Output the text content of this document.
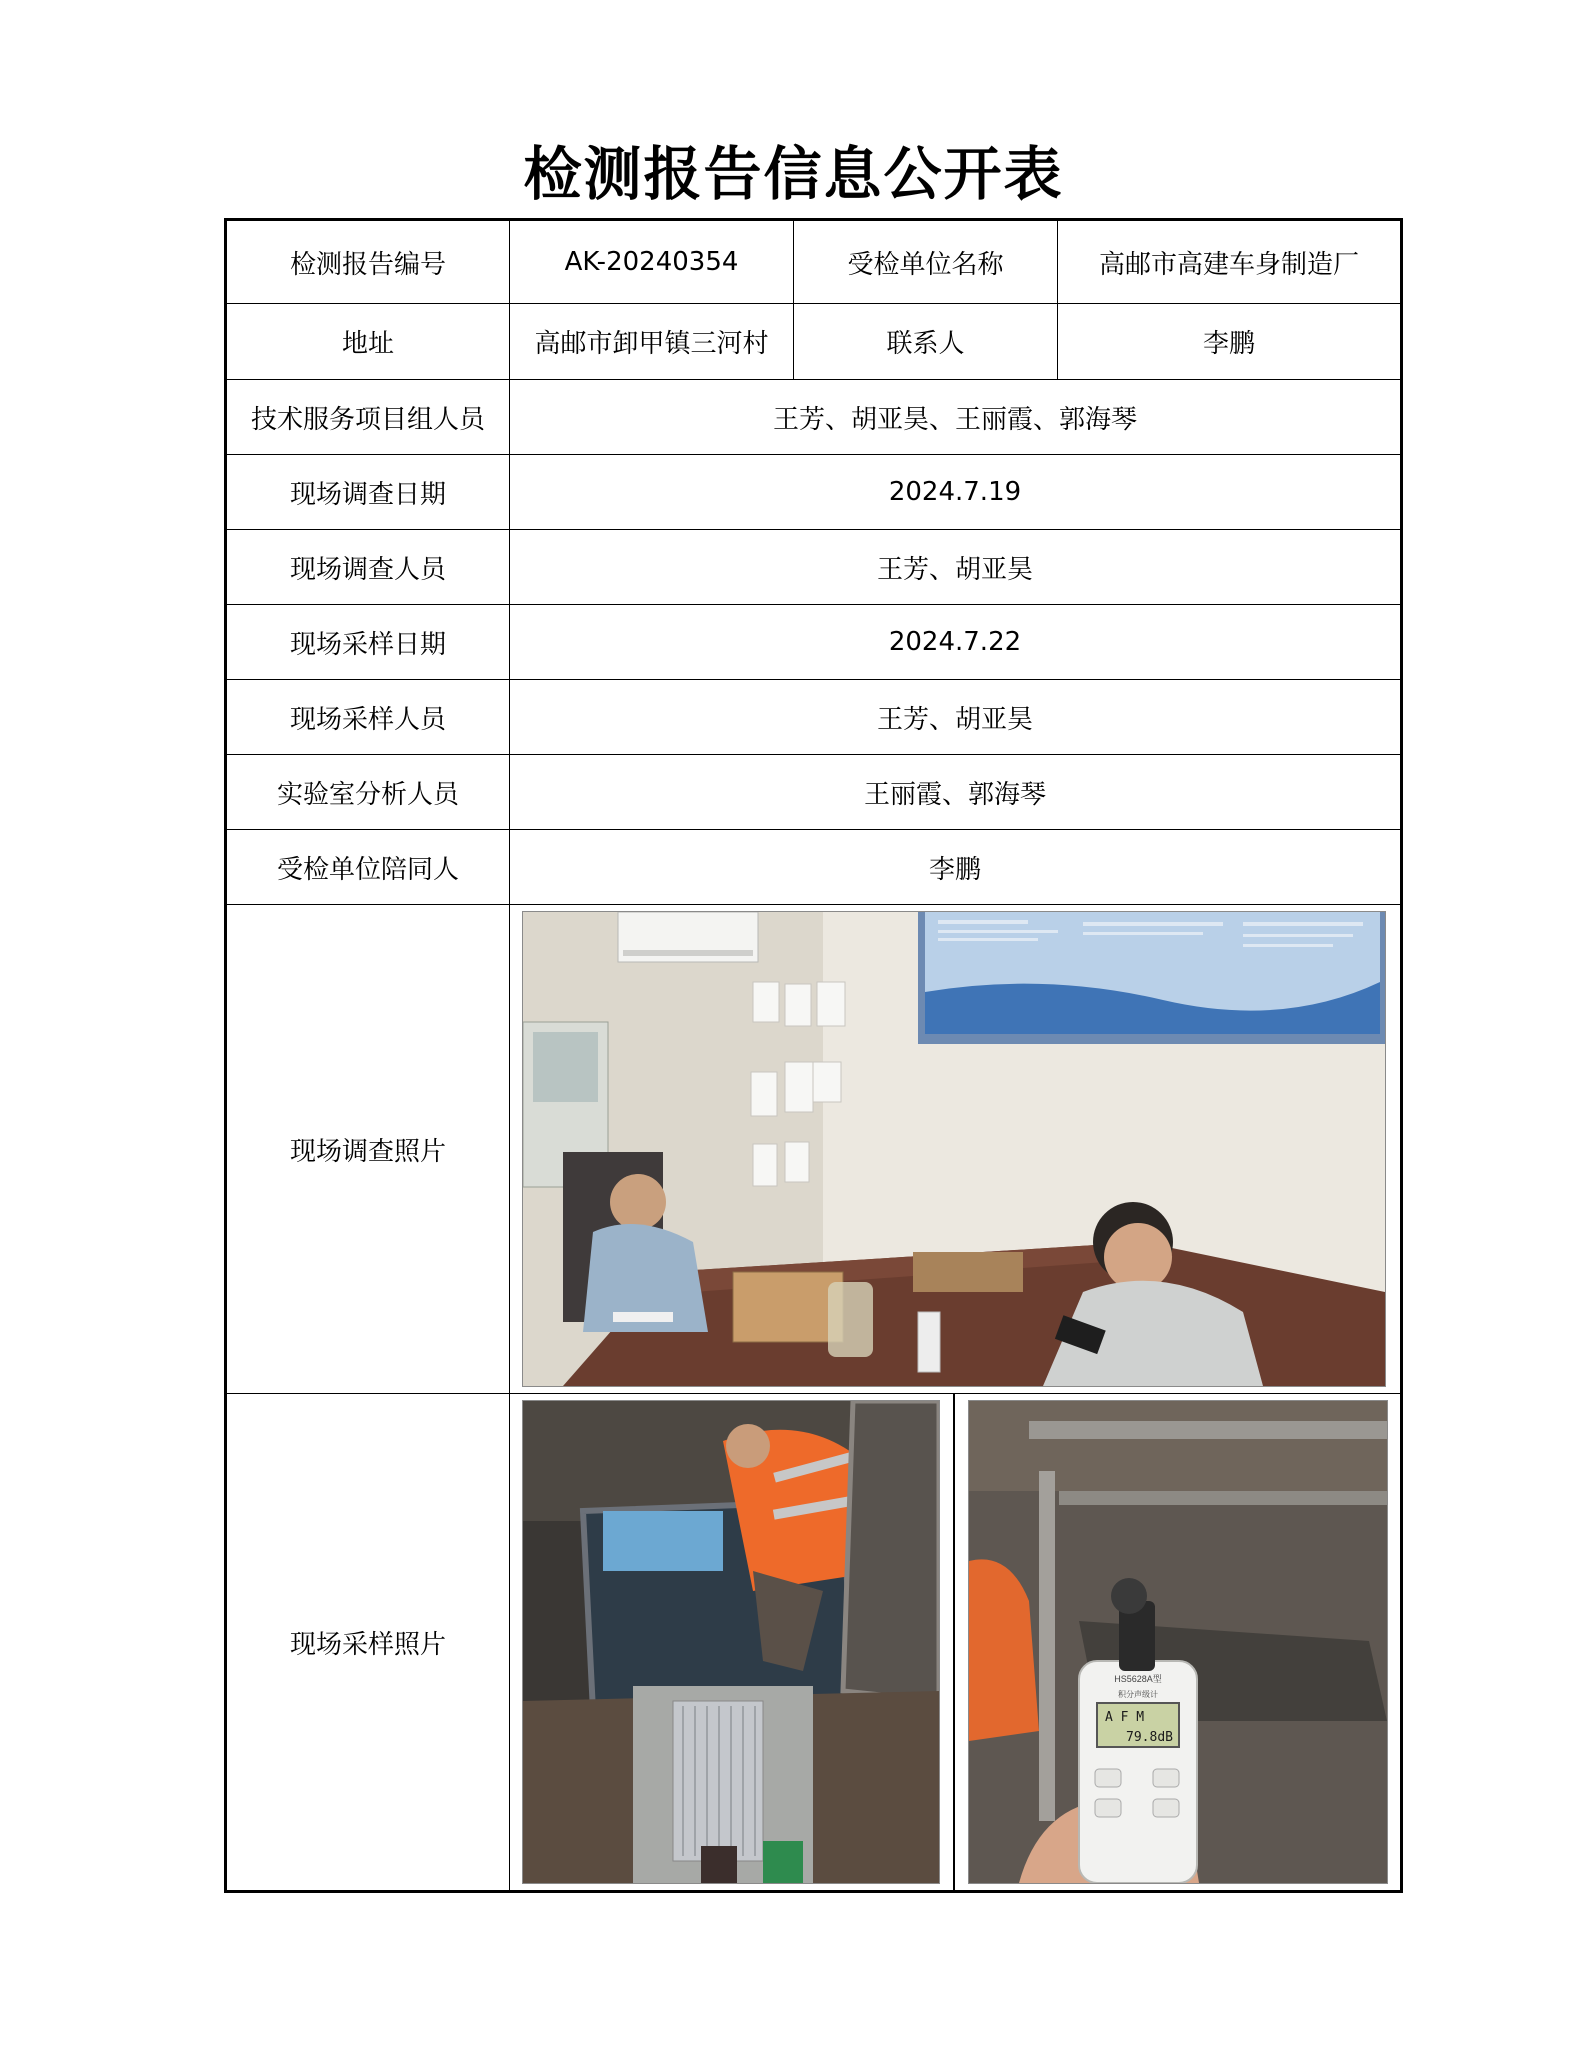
检测报告信息公开表
检测报告编号	AK-20240354	受检单位名称	高邮市高建车身制造厂
地址	高邮市卸甲镇三河村	联系人	李鹏
技术服务项目组人员	王芳、胡亚昊、王丽霞、郭海琴		
现场调查日期	2024.7.19		
现场调查人员	王芳、胡亚昊		
现场采样日期	2024.7.22		
现场采样人员	王芳、胡亚昊		
实验室分析人员	王丽霞、郭海琴		
受检单位陪同人	李鹏		
现场调查照片	

现场采样照片	HS5628A型
积分声级计
A F M
79.8dB		
